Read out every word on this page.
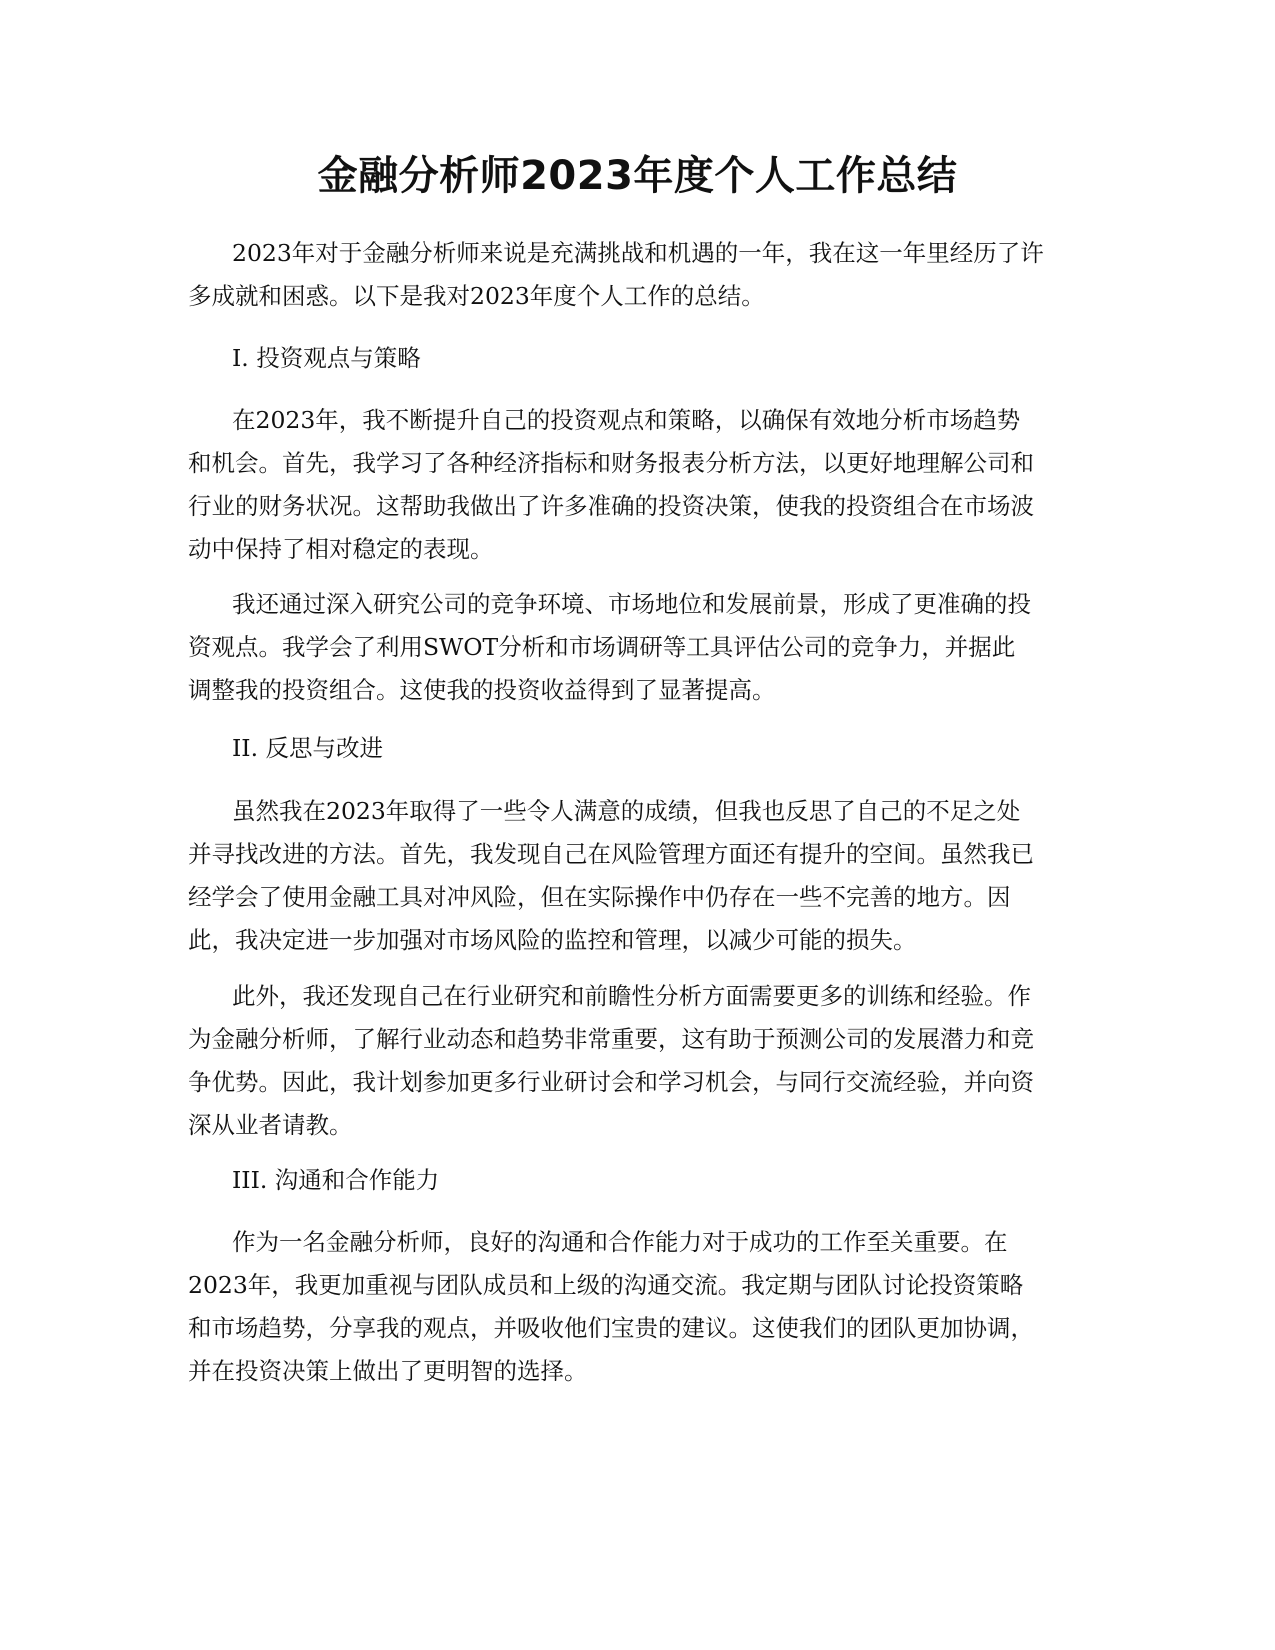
金融分析师2023年度个人工作总结

2023年对于金融分析师来说是充满挑战和机遇的一年，我在这一年里经历了许
多成就和困惑。以下是我对2023年度个人工作的总结。

I. 投资观点与策略

在2023年，我不断提升自己的投资观点和策略，以确保有效地分析市场趋势
和机会。首先，我学习了各种经济指标和财务报表分析方法，以更好地理解公司和
行业的财务状况。这帮助我做出了许多准确的投资决策，使我的投资组合在市场波
动中保持了相对稳定的表现。

我还通过深入研究公司的竞争环境、市场地位和发展前景，形成了更准确的投
资观点。我学会了利用SWOT分析和市场调研等工具评估公司的竞争力，并据此
调整我的投资组合。这使我的投资收益得到了显著提高。

II. 反思与改进

虽然我在2023年取得了一些令人满意的成绩，但我也反思了自己的不足之处
并寻找改进的方法。首先，我发现自己在风险管理方面还有提升的空间。虽然我已
经学会了使用金融工具对冲风险，但在实际操作中仍存在一些不完善的地方。因
此，我决定进一步加强对市场风险的监控和管理，以减少可能的损失。

此外，我还发现自己在行业研究和前瞻性分析方面需要更多的训练和经验。作
为金融分析师，了解行业动态和趋势非常重要，这有助于预测公司的发展潜力和竞
争优势。因此，我计划参加更多行业研讨会和学习机会，与同行交流经验，并向资
深从业者请教。

III. 沟通和合作能力

作为一名金融分析师，良好的沟通和合作能力对于成功的工作至关重要。在
2023年，我更加重视与团队成员和上级的沟通交流。我定期与团队讨论投资策略
和市场趋势，分享我的观点，并吸收他们宝贵的建议。这使我们的团队更加协调，
并在投资决策上做出了更明智的选择。
